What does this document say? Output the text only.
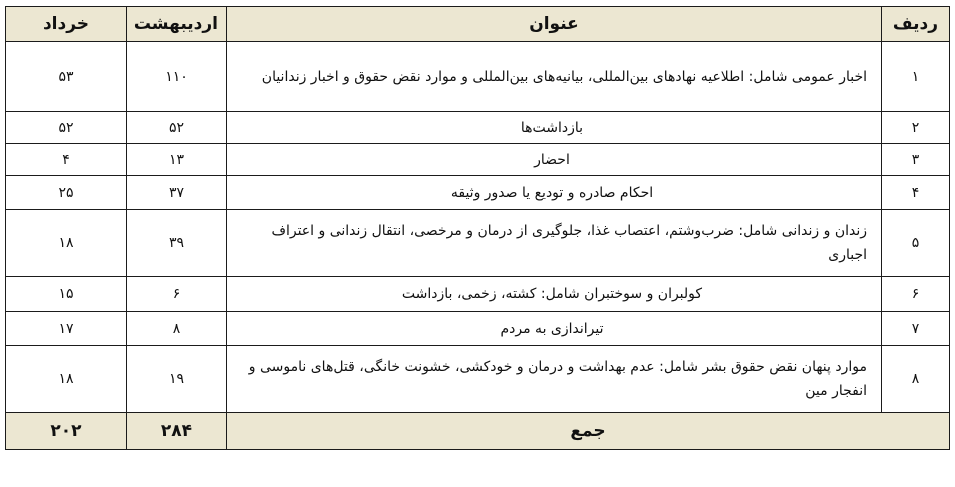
ردیف	عنوان	اردیبهشت	خرداد
۱	اخبار عمومی شامل: اطلاعیه نهادهای بین‌المللی، بیانیه‌های بین‌المللی و موارد نقض حقوق و اخبار زندانیان	۱۱۰	۵۳
۲	بازداشت‌ها	۵۲	۵۲
۳	احضار	۱۳	۴
۴	احکام صادره و تودیع یا صدور وثیقه	۳۷	۲۵
۵	زندان و زندانی شامل: ضرب‌وشتم، اعتصاب غذا، جلوگیری از درمان و مرخصی، انتقال زندانی و اعتراف اجباری	۳۹	۱۸
۶	کولبران و سوختبران شامل: کشته، زخمی، بازداشت	۶	۱۵
۷	تیراندازی به مردم	۸	۱۷
۸	موارد پنهان نقض حقوق بشر شامل: عدم بهداشت و درمان و خودکشی، خشونت خانگی، قتل‌های ناموسی و انفجار مین	۱۹	۱۸
جمع		۲۸۴	۲۰۲
